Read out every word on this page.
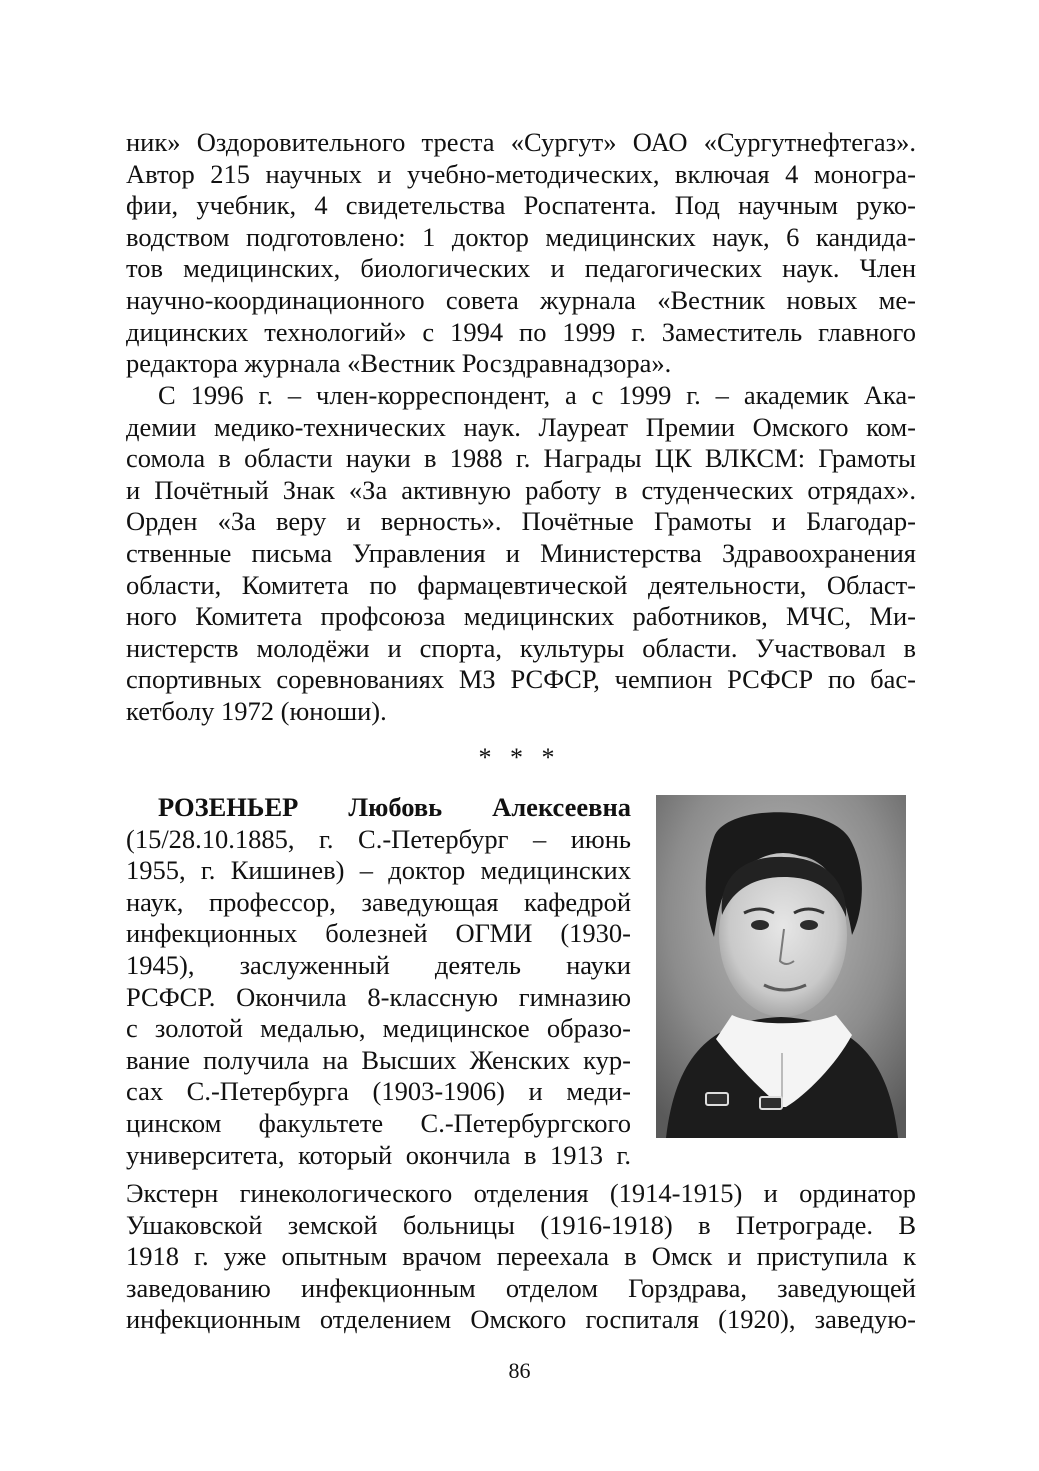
ник» Оздоровительного треста «Сургут» ОАО «Сургутнефтегаз».
Автор 215 научных и учебно-методических, включая 4 моногра-
фии, учебник, 4 свидетельства Роспатента. Под научным руко-
водством подготовлено: 1 доктор медицинских наук, 6 кандида-
тов медицинских, биологических и педагогических наук. Член
научно-координационного совета журнала «Вестник новых ме-
дицинских технологий» с 1994 по 1999 г. Заместитель главного
редактора журнала «Вестник Росздравнадзора».
С 1996 г. – член-корреспондент, а с 1999 г. – академик Ака-
демии медико-технических наук. Лауреат Премии Омского ком-
сомола в области науки в 1988 г. Награды ЦК ВЛКСМ: Грамоты
и Почётный Знак «За активную работу в студенческих отрядах».
Орден «За веру и верность». Почётные Грамоты и Благодар-
ственные письма Управления и Министерства Здравоохранения
области, Комитета по фармацевтической деятельности, Област-
ного Комитета профсоюза медицинских работников, МЧС, Ми-
нистерств молодёжи и спорта, культуры области. Участвовал в
спортивных соревнованиях МЗ РСФСР, чемпион РСФСР по бас-
кетболу 1972 (юноши).
* * *
РОЗЕНЬЕР Любовь Алексеевна
(15/28.10.1885, г. С.-Петербург – июнь
1955, г. Кишинев) – доктор медицинских
наук, профессор, заведующая кафедрой
инфекционных болезней ОГМИ (1930-
1945), заслуженный деятель науки
РСФСР. Окончила 8-классную гимназию
с золотой медалью, медицинское образо-
вание получила на Высших Женских кур-
сах С.-Петербурга (1903-1906) и меди-
цинском факультете С.-Петербургского
университета, который окончила в 1913 г.
Экстерн гинекологического отделения (1914-1915) и ординатор
Ушаковской земской больницы (1916-1918) в Петрограде. В
1918 г. уже опытным врачом переехала в Омск и приступила к
заведованию инфекционным отделом Горздрава, заведующей
инфекционным отделением Омского госпиталя (1920), заведую-
86
